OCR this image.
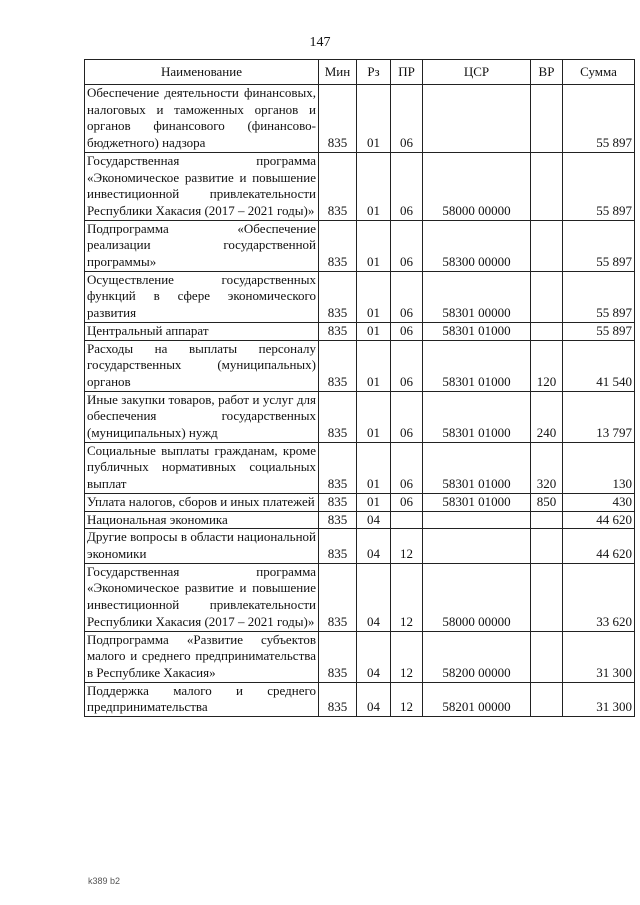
147
Наименование	Мин	Рз	ПР	ЦСР	ВР	Сумма
Обеспечение деятельности финансовых, налоговых и таможенных органов и органов финансового (финансово-бюджетного) надзора	835	01	06			55 897
Государственная программа «Экономическое развитие и повышение инвестиционной привлекательности Республики Хакасия (2017 – 2021 годы)»	835	01	06	58000 00000		55 897
Подпрограмма «Обеспечение реализации государственной программы»	835	01	06	58300 00000		55 897
Осуществление государственных функций в сфере экономического развития	835	01	06	58301 00000		55 897
Центральный аппарат	835	01	06	58301 01000		55 897
Расходы на выплаты персоналу государственных (муниципальных) органов	835	01	06	58301 01000	120	41 540
Иные закупки товаров, работ и услуг для обеспечения государственных (муниципальных) нужд	835	01	06	58301 01000	240	13 797
Социальные выплаты гражданам, кроме публичных нормативных социальных выплат	835	01	06	58301 01000	320	130
Уплата налогов, сборов и иных платежей	835	01	06	58301 01000	850	430
Национальная экономика	835	04				44 620
Другие вопросы в области национальной экономики	835	04	12			44 620
Государственная программа «Экономическое развитие и повышение инвестиционной привлекательности Республики Хакасия (2017 – 2021 годы)»	835	04	12	58000 00000		33 620
Подпрограмма «Развитие субъектов малого и среднего предпринимательства в Республике Хакасия»	835	04	12	58200 00000		31 300
Поддержка малого и среднего предпринимательства	835	04	12	58201 00000		31 300
k389 b2
